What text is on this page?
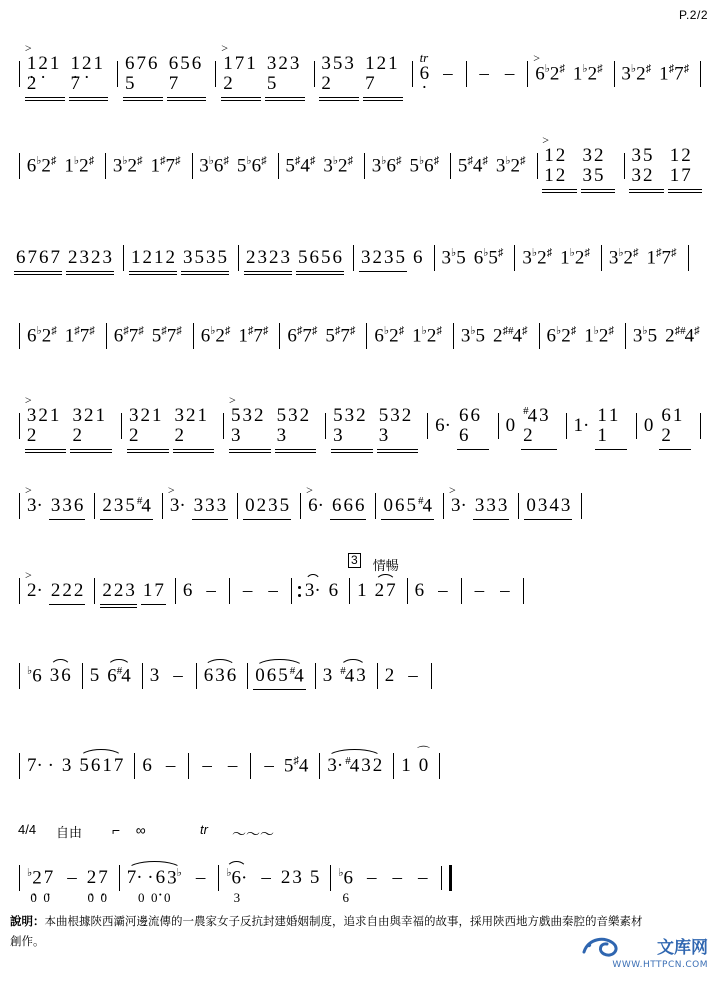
P.2/2
>
1 2 12
1 2 17
6 7 65
6 5 67
>
1 7 12
3 2 35
3 5 32
1 2 17
tr
6 –	– –
>
6♭2♯ 1♭2♯ 3♭2♯ 1♯7♯
6♭2♯ 1♭2♯ 3♭2♯ 1♯7♯ 3♭6♯ 5♭6♯ 5♯4♯ 3♭2♯ 3♭6♯ 5♭6♯ 5♯4♯ 3♭2♯
>
1 21 2
3 23 5
3 53 2
1 21 7
6 7 6 7 2 3 2 3 1 2 1 2 3 5 3 5 2 3 2 3 5 6 5 6 3 2 3 5 6 3♭5 6♭5♯ 3♭2♯ 1♭2♯ 3♭2♯ 1♯7♯
6♭2♯ 1♯7♯ 6♯7♯ 5♯7♯ 6♭2♯ 1♯7♯ 6♯7♯ 5♯7♯ 6♭2♯ 1♭2♯ 3♭5 2♯#4♯ 6♭2♯ 1♭2♯ 3♭5 2♯#4♯
>
3 2 12
3 2 12
3 2 12
3 2 12
>
5 3 23
5 3 23
5 3 23
5 3 23	6· 6 66	0
#4 32	1· 1 11	0 6 12
>
3· 3 3 6 2 3 5 #4
>
3· 3 3 3 0 2 3 5
>
6· 6 6 6 0 6 5 #4
>
3· 3 3 3 0 3 4 3
>
2· 2 2 2 2 2 3 1 7 6 –	– –	3· 6 1 2 7 6 –	– –
3 情暢
♭6 3 6 5 6#4 3 –	6 3 6 0 6 5 #4 3 #4 3 2 –
7· · 3 5 6 1 7 6 –	– –	– 5♯4 3· #4 3 2 1
⌒
0
4/4 自由 ⌐    ∞	tr 〜〜〜
♭2 7
0  0
– 2 7
0  0
7· · 6 3♭
0  0  0
–	♭6·
3
– 2 3 5 ♭6
6
– – –
說明：本曲根據陝西灞河邊流傳的一農家女子反抗封建婚姻制度，追求自由與幸福的故事，採用陝西地方戲曲秦腔的音樂素材創作。	文库网
WWW.HTTPCN.COM
